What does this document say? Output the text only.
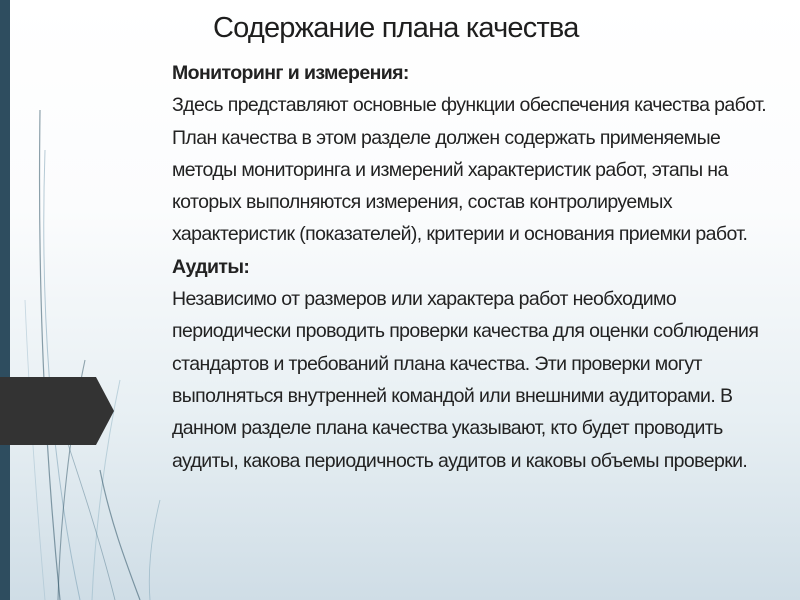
Содержание плана качества

Мониторинг и измерения:

Здесь представляют основные функции обеспечения качества работ. План качества в этом разделе должен содержать применяемые методы мониторинга и измерений характеристик работ, этапы на которых выполняются измерения, состав контролируемых характеристик (показателей), критерии и основания приемки работ.

Аудиты:

Независимо от размеров или характера работ необходимо периодически проводить проверки качества для оценки соблюдения стандартов и требований плана качества. Эти проверки могут выполняться внутренней командой или внешними аудиторами. В данном разделе плана качества указывают, кто будет проводить аудиты, какова периодичность аудитов и каковы объемы проверки.
